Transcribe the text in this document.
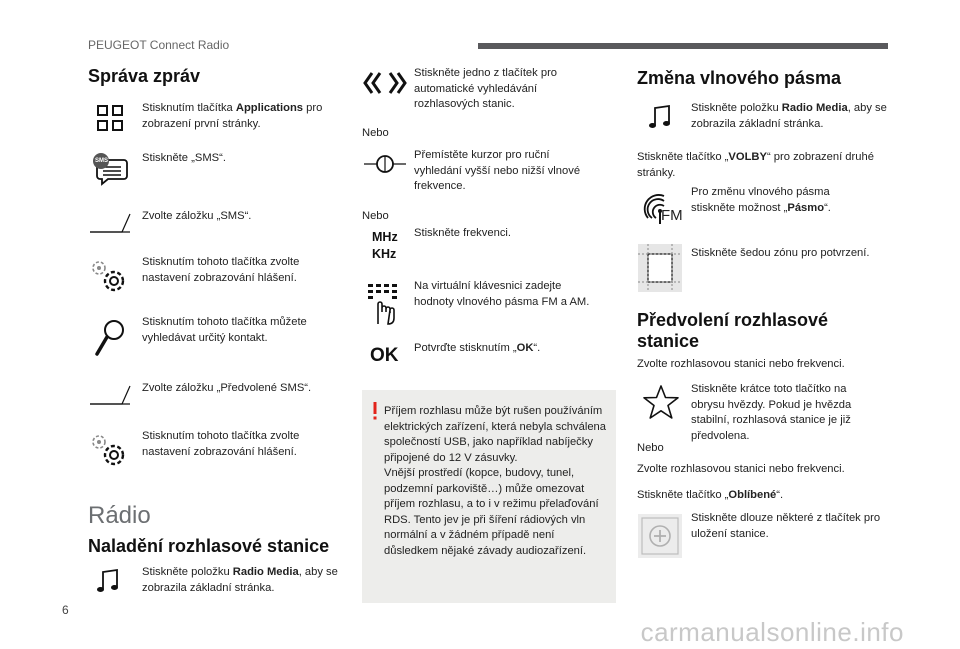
PEUGEOT Connect Radio
6
carmanualsonline.info
Správa zpráv
Stisknutím tlačítka Applications pro zobrazení první stránky.
SMS	Stiskněte „SMS“.
Zvolte záložku „SMS“.
Stisknutím tohoto tlačítka zvolte nastavení zobrazování hlášení.
Stisknutím tohoto tlačítka můžete vyhledávat určitý kontakt.
Zvolte záložku „Předvolené SMS“.
Stisknutím tohoto tlačítka zvolte nastavení zobrazování hlášení.
Rádio
Naladění rozhlasové stanice
Stiskněte položku Radio Media, aby se zobrazila základní stránka.
Stiskněte jedno z tlačítek pro automatické vyhledávání rozhlasových stanic.
Nebo
Přemístěte kurzor pro ruční vyhledání vyšší nebo nižší vlnové frekvence.
Nebo
MHz
KHz
Stiskněte frekvenci.
Na virtuální klávesnici zadejte hodnoty vlnového pásma FM a AM.
OK Potvrďte stisknutím „OK“.
Příjem rozhlasu může být rušen používáním elektrických zařízení, která nebyla schválena společností USB, jako například nabíječky připojené do 12 V zásuvky.
Vnější prostředí (kopce, budovy, tunel, podzemní parkoviště…) může omezovat příjem rozhlasu, a to i v režimu přelaďování RDS. Tento jev je při šíření rádiových vln normální a v žádném případě není důsledkem nějaké závady audiozařízení.
Změna vlnového pásma
Stiskněte položku Radio Media, aby se zobrazila základní stránka.
Stiskněte tlačítko „VOLBY“ pro zobrazení druhé stránky.
FM
Pro změnu vlnového pásma stiskněte možnost „Pásmo“.
Stiskněte šedou zónu pro potvrzení.
Předvolení rozhlasové stanice
Zvolte rozhlasovou stanici nebo frekvenci.
Stiskněte krátce toto tlačítko na obrysu hvězdy. Pokud je hvězda stabilní, rozhlasová stanice je již předvolena.
Nebo
Zvolte rozhlasovou stanici nebo frekvenci.
Stiskněte tlačítko „Oblíbené“.
Stiskněte dlouze některé z tlačítek pro uložení stanice.
